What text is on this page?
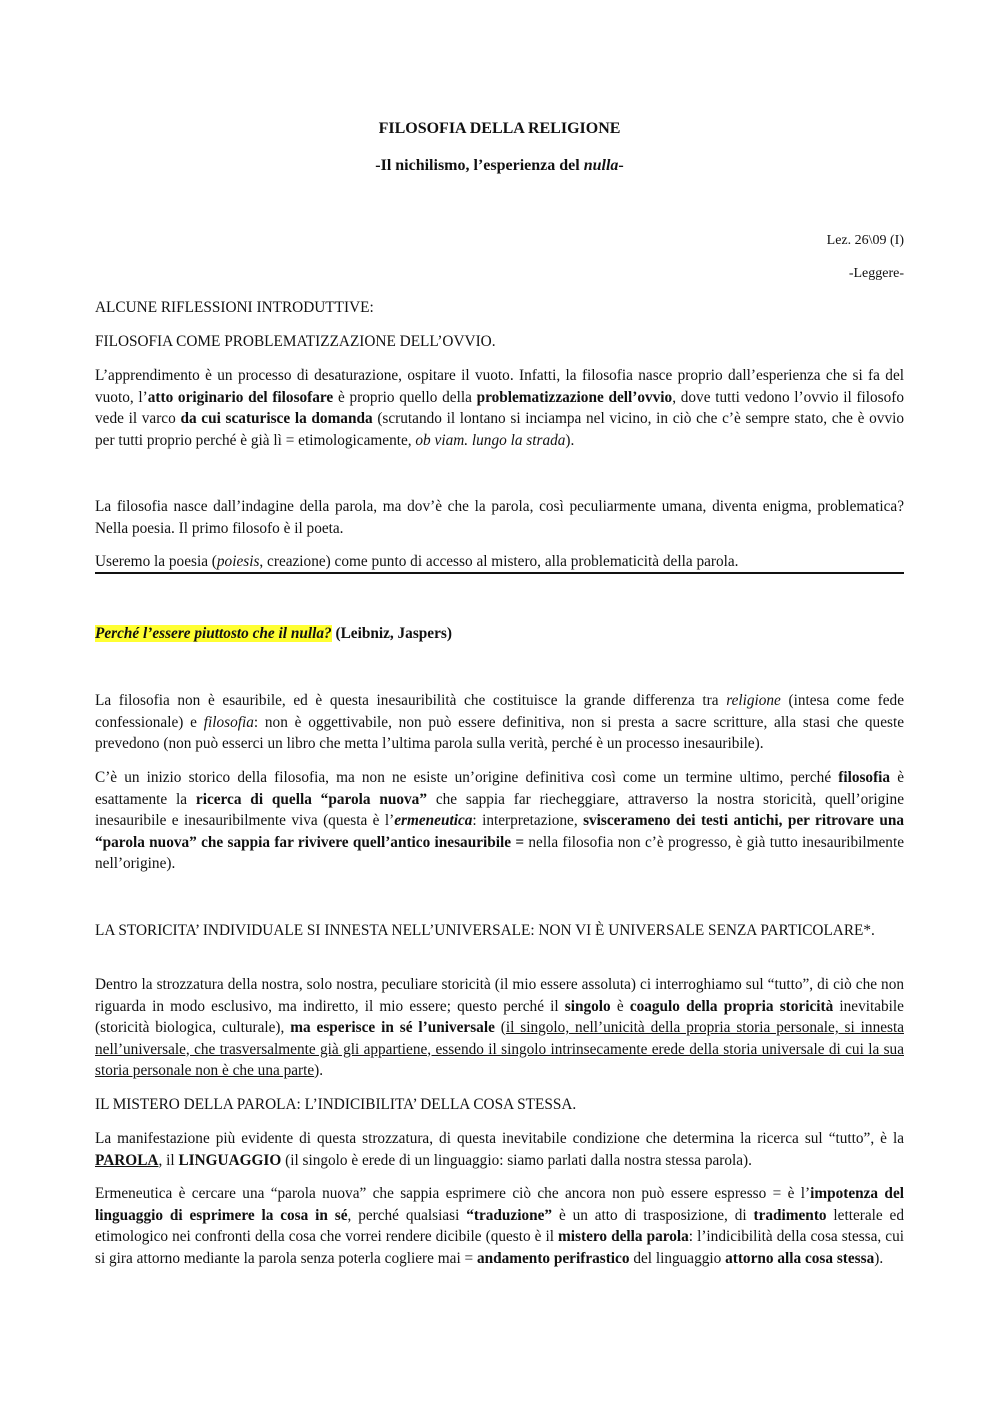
FILOSOFIA DELLA RELIGIONE
-Il nichilismo, l’esperienza del nulla-
Lez. 26\09 (I)
-Leggere-
ALCUNE RIFLESSIONI INTRODUTTIVE:
FILOSOFIA COME PROBLEMATIZZAZIONE DELL’OVVIO.

L’apprendimento è un processo di desaturazione, ospitare il vuoto. Infatti, la filosofia nasce proprio dall’esperienza che si fa del vuoto, l’atto originario del filosofare è proprio quello della problematizzazione dell’ovvio, dove tutti vedono l’ovvio il filosofo vede il varco da cui scaturisce la domanda (scrutando il lontano si inciampa nel vicino, in ciò che c’è sempre stato, che è ovvio per tutti proprio perché è già lì = etimologicamente, ob viam. lungo la strada).

La filosofia nasce dall’indagine della parola, ma dov’è che la parola, così peculiarmente umana, diventa enigma, problematica? Nella poesia. Il primo filosofo è il poeta.

Useremo la poesia (poiesis, creazione) come punto di accesso al mistero, alla problematicità della parola.

Perché l’essere piuttosto che il nulla? (Leibniz, Jaspers)

La filosofia non è esauribile, ed è questa inesauribilità che costituisce la grande differenza tra religione (intesa come fede confessionale) e filosofia: non è oggettivabile, non può essere definitiva, non si presta a sacre scritture, alla stasi che queste prevedono (non può esserci un libro che metta l’ultima parola sulla verità, perché è un processo inesauribile).

C’è un inizio storico della filosofia, ma non ne esiste un’origine definitiva così come un termine ultimo, perché filosofia è esattamente la ricerca di quella “parola nuova” che sappia far riecheggiare, attraverso la nostra storicità, quell’origine inesauribile e inesauribilmente viva (questa è l’ermeneutica: interpretazione, sviscerameno dei testi antichi, per ritrovare una “parola nuova” che sappia far rivivere quell’antico inesauribile = nella filosofia non c’è progresso, è già tutto inesauribilmente nell’origine).

LA STORICITA’ INDIVIDUALE SI INNESTA NELL’UNIVERSALE: NON VI È UNIVERSALE SENZA PARTICOLARE*.

Dentro la strozzatura della nostra, solo nostra, peculiare storicità (il mio essere assoluta) ci interroghiamo sul “tutto”, di ciò che non riguarda in modo esclusivo, ma indiretto, il mio essere; questo perché il singolo è coagulo della propria storicità inevitabile (storicità biologica, culturale), ma esperisce in sé l’universale (il singolo, nell’unicità della propria storia personale, si innesta nell’universale, che trasversalmente già gli appartiene, essendo il singolo intrinsecamente erede della storia universale di cui la sua storia personale non è che una parte).

IL MISTERO DELLA PAROLA: L’INDICIBILITA’ DELLA COSA STESSA.

La manifestazione più evidente di questa strozzatura, di questa inevitabile condizione che determina la ricerca sul “tutto”, è la PAROLA, il LINGUAGGIO (il singolo è erede di un linguaggio: siamo parlati dalla nostra stessa parola).

Ermeneutica è cercare una “parola nuova” che sappia esprimere ciò che ancora non può essere espresso = è l’impotenza del linguaggio di esprimere la cosa in sé, perché qualsiasi “traduzione” è un atto di trasposizione, di tradimento letterale ed etimologico nei confronti della cosa che vorrei rendere dicibile (questo è il mistero della parola: l’indicibilità della cosa stessa, cui si gira attorno mediante la parola senza poterla cogliere mai = andamento perifrastico del linguaggio attorno alla cosa stessa).
